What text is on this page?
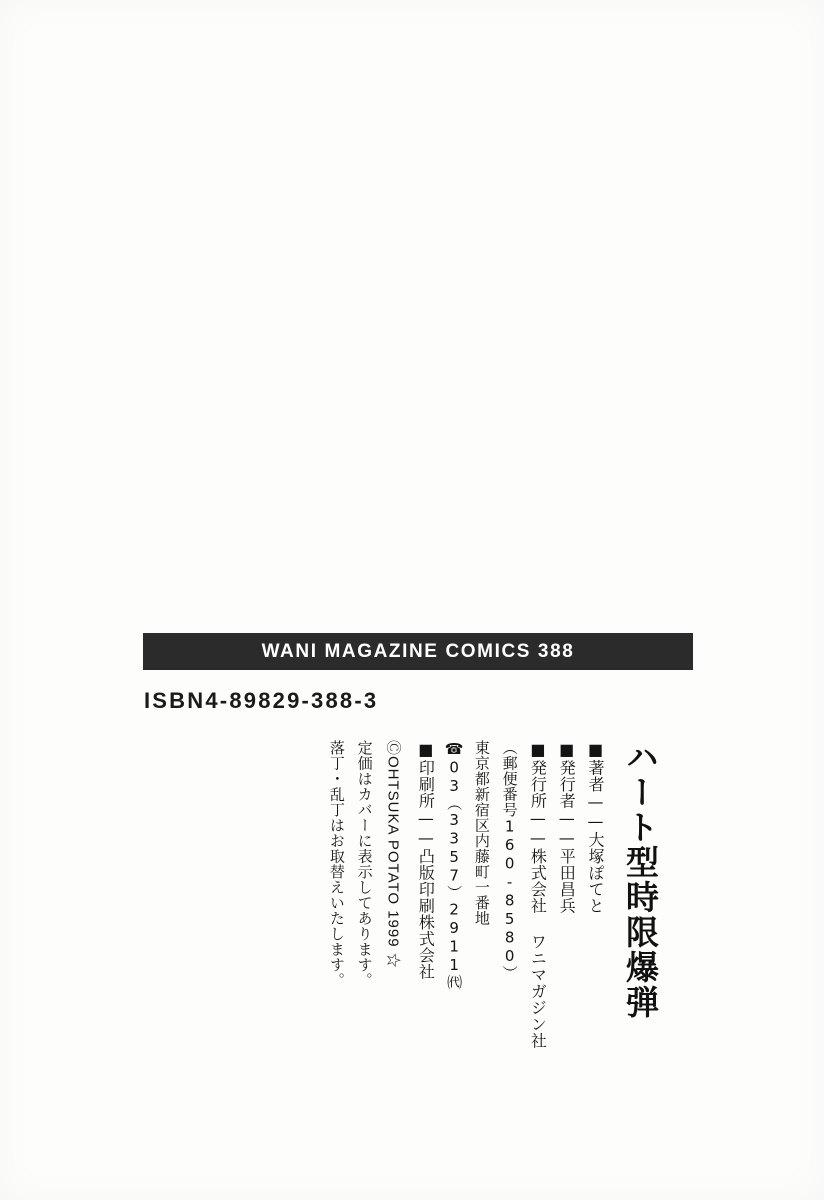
WANI MAGAZINE COMICS 388
ISBN4-89829-388-3
ハート型時限爆弾
■著者——大塚ぽてと
■発行者——平田昌兵
■発行所——株式会社 ワニマガジン社
（郵便番号160-8580）
東京都新宿区内藤町一番地
☎03（3357）2911㈹
■印刷所——凸版印刷株式会社
ⒸOHTSUKA POTATO 1999 ☆
定価はカバーに表示してあります。
落丁・乱丁はお取替えいたします。
